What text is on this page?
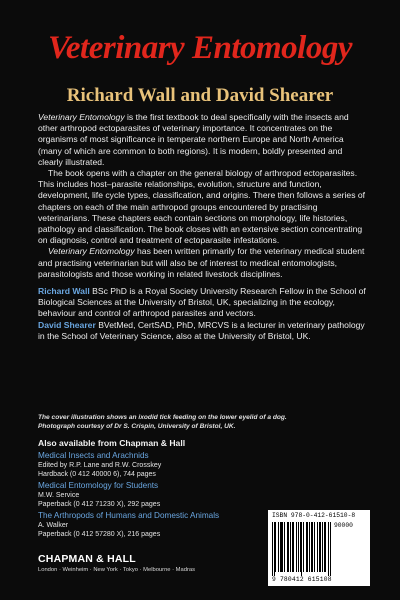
Veterinary Entomology
Richard Wall and David Shearer

Veterinary Entomology is the first textbook to deal specifically with the insects and other arthropod ectoparasites of veterinary importance. It concentrates on the organisms of most significance in temperate northern Europe and North America (many of which are common to both regions). It is modern, boldly presented and clearly illustrated.

The book opens with a chapter on the general biology of arthropod ectoparasites. This includes host–parasite relationships, evolution, structure and function, development, life cycle types, classification, and origins. There then follows a series of chapters on each of the main arthropod groups encountered by practising veterinarians. These chapters each contain sections on morphology, life histories, pathology and classification. The book closes with an extensive section concentrating on diagnosis, control and treatment of ectoparasite infestations.

Veterinary Entomology has been written primarily for the veterinary medical student and practising veterinarian but will also be of interest to medical entomologists, parasitologists and those working in related livestock disciplines.

Richard Wall BSc PhD is a Royal Society University Research Fellow in the School of Biological Sciences at the University of Bristol, UK, specializing in the ecology, behaviour and control of arthropod parasites and vectors.

David Shearer BVetMed, CertSAD, PhD, MRCVS is a lecturer in veterinary pathology in the School of Veterinary Science, also at the University of Bristol, UK.

The cover illustration shows an ixodid tick feeding on the lower eyelid of a dog.
Photograph courtesy of Dr S. Crispin, University of Bristol, UK.
Also available from Chapman & Hall
Medical Insects and Arachnids
Edited by R.P. Lane and R.W. Crosskey
Hardback (0 412 40000 6), 744 pages
Medical Entomology for Students
M.W. Service
Paperback (0 412 71230 X), 292 pages
The Arthropods of Humans and Domestic Animals
A. Walker
Paperback (0 412 57280 X), 216 pages
CHAPMAN & HALL
London · Weinheim · New York · Tokyo · Melbourne · Madras
ISBN 978-0-412-61510-8
90000
9 780412 615108
